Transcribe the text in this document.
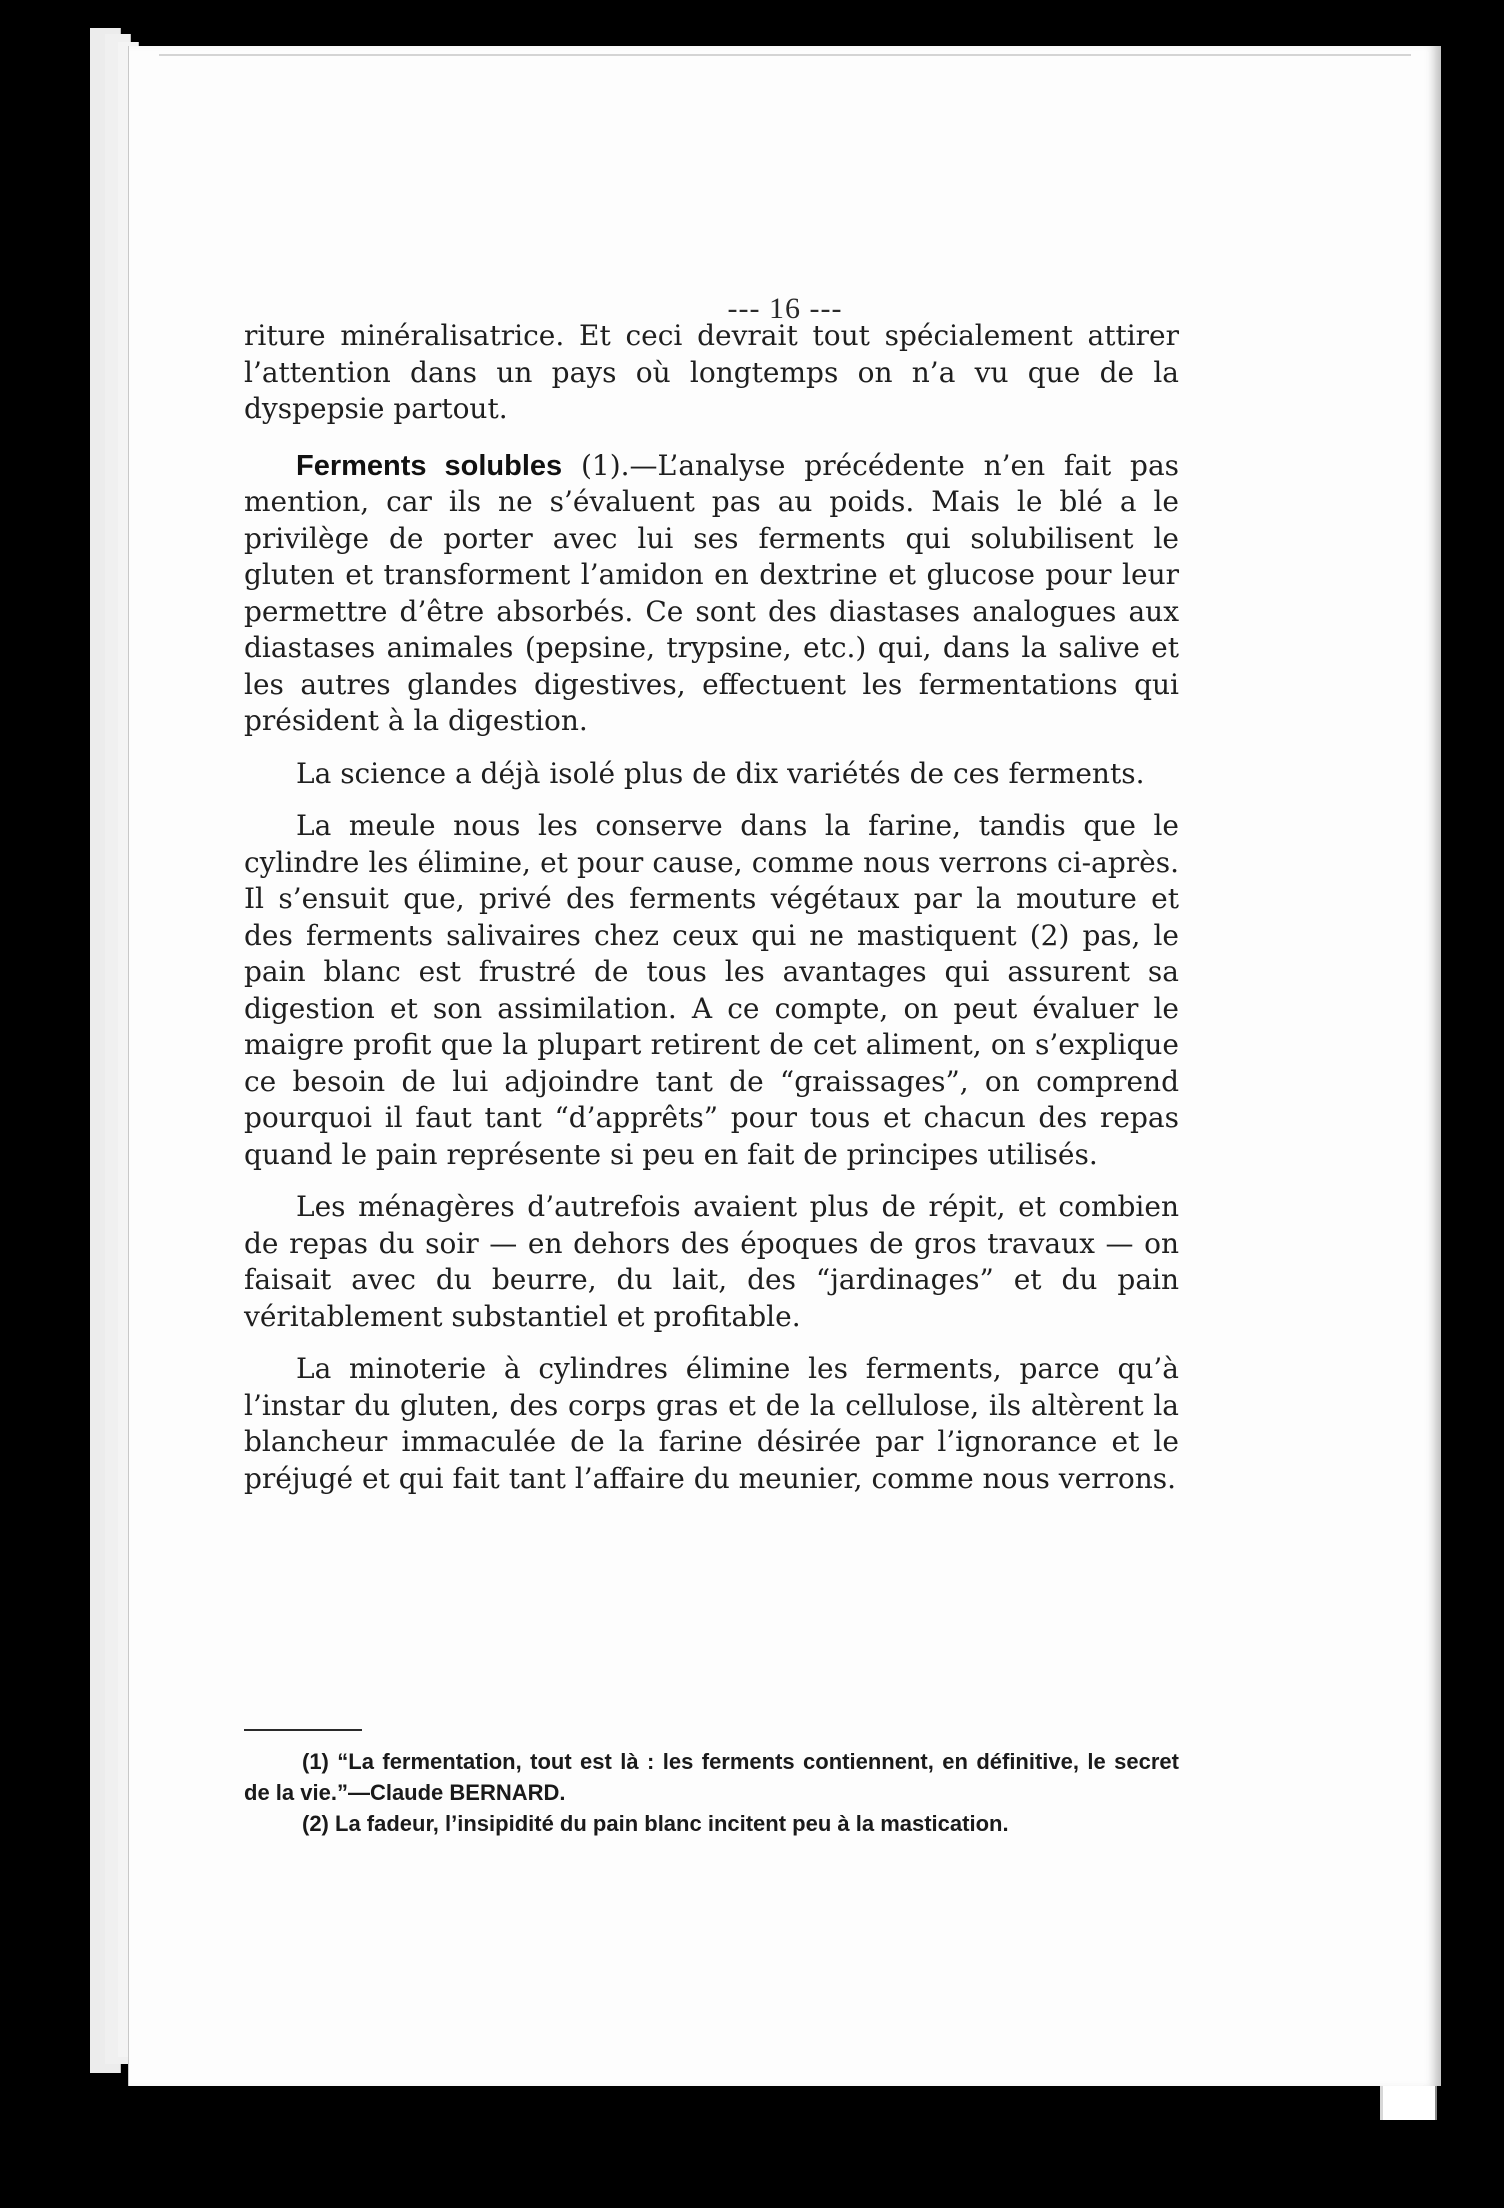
--- 16 ---

riture minéralisatrice. Et ceci devrait tout spécialement attirer l’attention dans un pays où longtemps on n’a vu que de la dyspepsie partout.

Ferments solubles (1).—L’analyse précédente n’en fait pas mention, car ils ne s’évaluent pas au poids. Mais le blé a le privilège de porter avec lui ses ferments qui solubilisent le gluten et transforment l’amidon en dextrine et glucose pour leur permettre d’être absorbés. Ce sont des diastases analogues aux diastases animales (pepsine, trypsine, etc.) qui, dans la salive et les autres glandes digestives, effectuent les fermentations qui président à la digestion.

La science a déjà isolé plus de dix variétés de ces ferments.

La meule nous les conserve dans la farine, tandis que le cylindre les élimine, et pour cause, comme nous verrons ci-après. Il s’ensuit que, privé des ferments végétaux par la mouture et des ferments salivaires chez ceux qui ne mastiquent (2) pas, le pain blanc est frustré de tous les avantages qui assurent sa digestion et son assimilation. A ce compte, on peut évaluer le maigre profit que la plupart retirent de cet aliment, on s’explique ce besoin de lui adjoindre tant de “graissages”, on comprend pourquoi il faut tant “d’apprêts” pour tous et chacun des repas quand le pain représente si peu en fait de principes utilisés.

Les ménagères d’autrefois avaient plus de répit, et combien de repas du soir — en dehors des époques de gros travaux — on faisait avec du beurre, du lait, des “jardinages” et du pain véritablement substantiel et profitable.

La minoterie à cylindres élimine les ferments, parce qu’à l’instar du gluten, des corps gras et de la cellulose, ils altèrent la blancheur immaculée de la farine désirée par l’ignorance et le préjugé et qui fait tant l’affaire du meunier, comme nous verrons.

(1) “La fermentation, tout est là : les ferments contiennent, en définitive, le secret de la vie.”—Claude BERNARD.

(2) La fadeur, l’insipidité du pain blanc incitent peu à la mastication.
